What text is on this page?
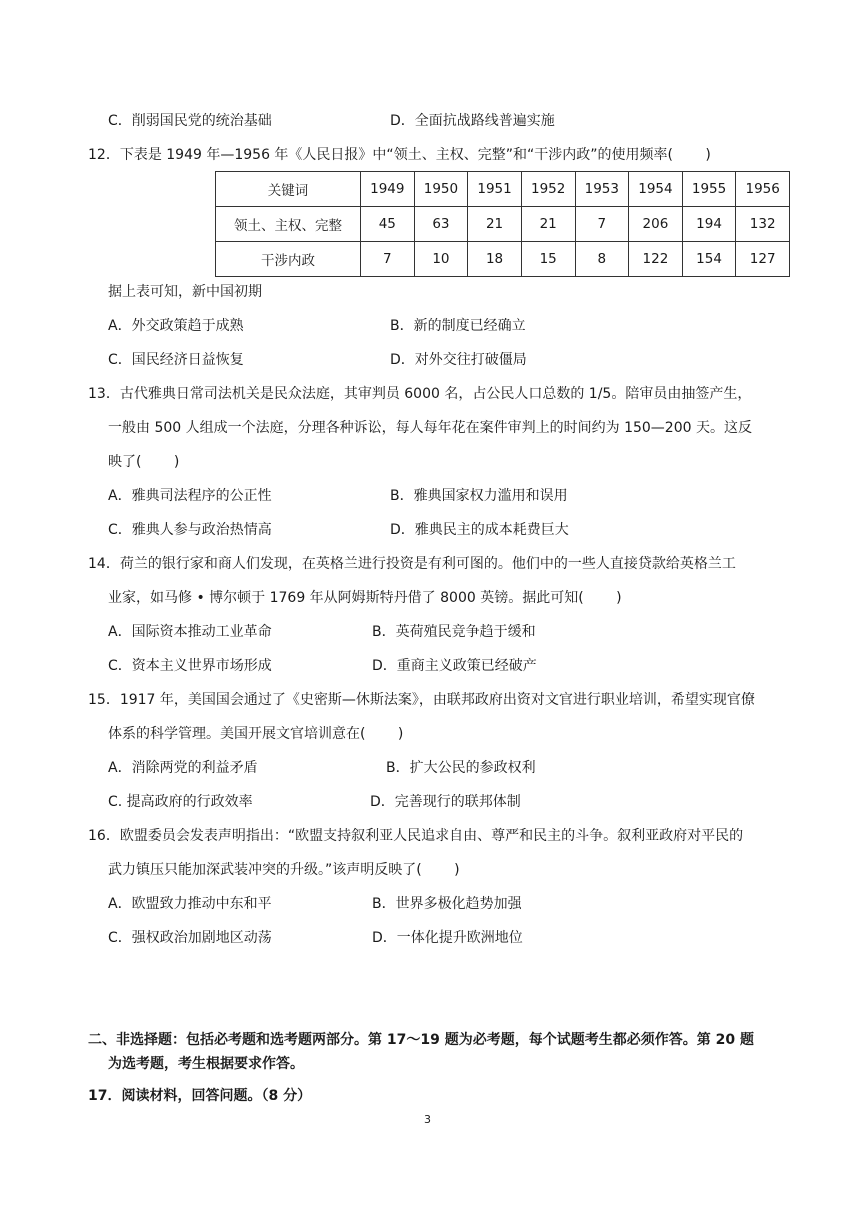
C．削弱国民党的统治基础	D．全面抗战路线普遍实施
12．下表是 1949 年—1956 年《人民日报》中“领土、主权、完整”和“干涉内政”的使用频率(　　 )
关键词	1949	1950	1951	1952	1953	1954	1955	1956
领土、主权、完整	45	63	21	21	7	206	194	132
干涉内政	7	10	18	15	8	122	154	127
据上表可知，新中国初期
A．外交政策趋于成熟	B．新的制度已经确立
C．国民经济日益恢复	D．对外交往打破僵局
13．古代雅典日常司法机关是民众法庭，其审判员 6000 名，占公民人口总数的 1/5。陪审员由抽签产生，
一般由 500 人组成一个法庭，分理各种诉讼，每人每年花在案件审判上的时间约为 150—200 天。这反
映了(　　 )
A．雅典司法程序的公正性	B．雅典国家权力滥用和误用
C．雅典人参与政治热情高	D．雅典民主的成本耗费巨大
14．荷兰的银行家和商人们发现，在英格兰进行投资是有利可图的。他们中的一些人直接贷款给英格兰工
业家，如马修 • 博尔顿于 1769 年从阿姆斯特丹借了 8000 英镑。据此可知(　　 )
A．国际资本推动工业革命	B．英荷殖民竞争趋于缓和
C．资本主义世界市场形成	D．重商主义政策已经破产
15．1917 年，美国国会通过了《史密斯—休斯法案》，由联邦政府出资对文官进行职业培训，希望实现官僚
体系的科学管理。美国开展文官培训意在(　　 )
A．消除两党的利益矛盾	B．扩大公民的参政权利
C. 提高政府的行政效率	D．完善现行的联邦体制
16．欧盟委员会发表声明指出：“欧盟支持叙利亚人民追求自由、尊严和民主的斗争。叙利亚政府对平民的
武力镇压只能加深武装冲突的升级。”该声明反映了(　　 )
A．欧盟致力推动中东和平	B．世界多极化趋势加强
C．强权政治加剧地区动荡	D．一体化提升欧洲地位
二、非选择题：包括必考题和选考题两部分。第 17～19 题为必考题，每个试题考生都必须作答。第 20 题
为选考题，考生根据要求作答。
17．阅读材料，回答问题。（8 分）
3
